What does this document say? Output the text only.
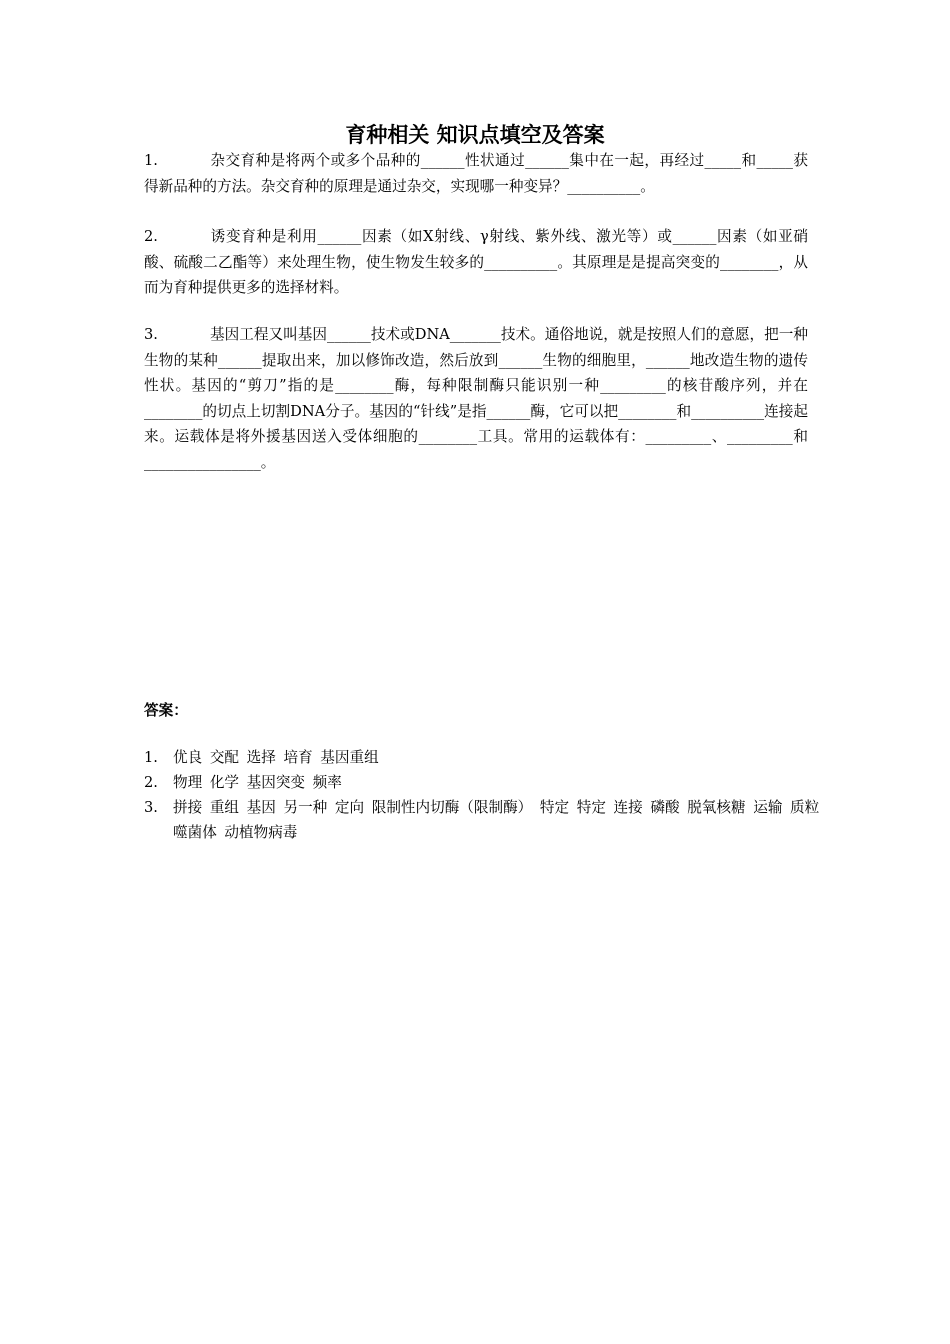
育种相关 知识点填空及答案
1.	杂交育种是将两个或多个品种的______性状通过______集中在一起，再经过_____和_____获得新品种的方法。杂交育种的原理是通过杂交，实现哪一种变异？__________。
2.	诱变育种是利用______因素（如X射线、γ射线、紫外线、激光等）或______因素（如亚硝酸、硫酸二乙酯等）来处理生物，使生物发生较多的__________。其原理是是提高突变的________，从而为育种提供更多的选择材料。
3.	基因工程又叫基因______技术或DNA_______技术。通俗地说，就是按照人们的意愿，把一种生物的某种______提取出来，加以修饰改造，然后放到______生物的细胞里，______地改造生物的遗传性状。基因的“剪刀”指的是________酶，每种限制酶只能识别一种_________的核苷酸序列，并在________的切点上切割DNA分子。基因的“针线”是指______酶，它可以把________和__________连接起来。运载体是将外援基因送入受体细胞的________工具。常用的运载体有：_________、_________和________________。
答案：
1. 优良 交配 选择 培育 基因重组
2. 物理 化学 基因突变 频率
3. 拼接 重组 基因 另一种 定向 限制性内切酶（限制酶） 特定 特定 连接 磷酸 脱氧核糖 运输 质粒 噬菌体 动植物病毒
